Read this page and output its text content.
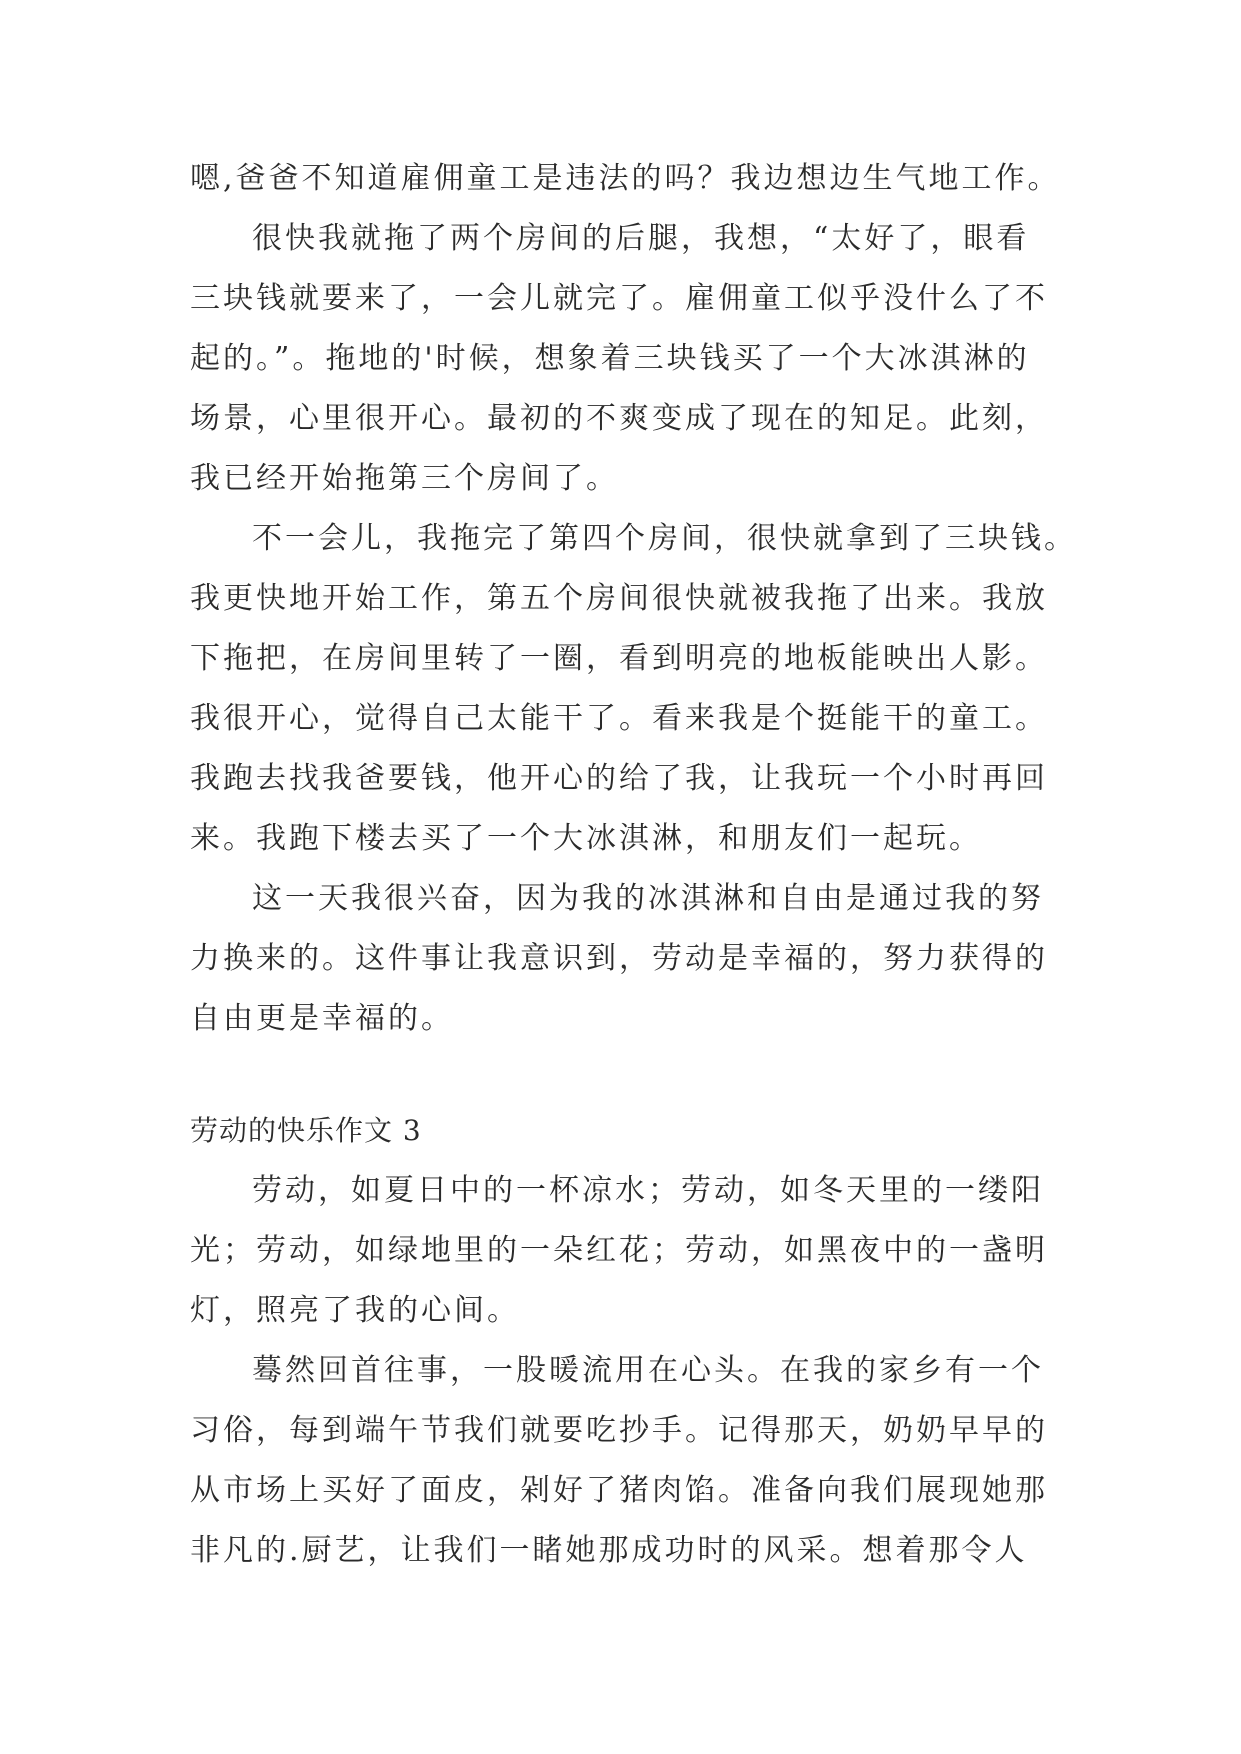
嗯,爸爸不知道雇佣童工是违法的吗？我边想边生气地工作。
很快我就拖了两个房间的后腿，我想，“太好了，眼看
三块钱就要来了，一会儿就完了。雇佣童工似乎没什么了不
起的。”。拖地的'时候，想象着三块钱买了一个大冰淇淋的
场景，心里很开心。最初的不爽变成了现在的知足。此刻，
我已经开始拖第三个房间了。
不一会儿，我拖完了第四个房间，很快就拿到了三块钱。
我更快地开始工作，第五个房间很快就被我拖了出来。我放
下拖把，在房间里转了一圈，看到明亮的地板能映出人影。
我很开心，觉得自己太能干了。看来我是个挺能干的童工。
我跑去找我爸要钱，他开心的给了我，让我玩一个小时再回
来。我跑下楼去买了一个大冰淇淋，和朋友们一起玩。
这一天我很兴奋，因为我的冰淇淋和自由是通过我的努
力换来的。这件事让我意识到，劳动是幸福的，努力获得的
自由更是幸福的。
劳动的快乐作文 3
劳动，如夏日中的一杯凉水；劳动，如冬天里的一缕阳
光；劳动，如绿地里的一朵红花；劳动，如黑夜中的一盏明
灯，照亮了我的心间。
蓦然回首往事，一股暖流用在心头。在我的家乡有一个
习俗，每到端午节我们就要吃抄手。记得那天，奶奶早早的
从市场上买好了面皮，剁好了猪肉馅。准备向我们展现她那
非凡的.厨艺，让我们一睹她那成功时的风采。想着那令人
